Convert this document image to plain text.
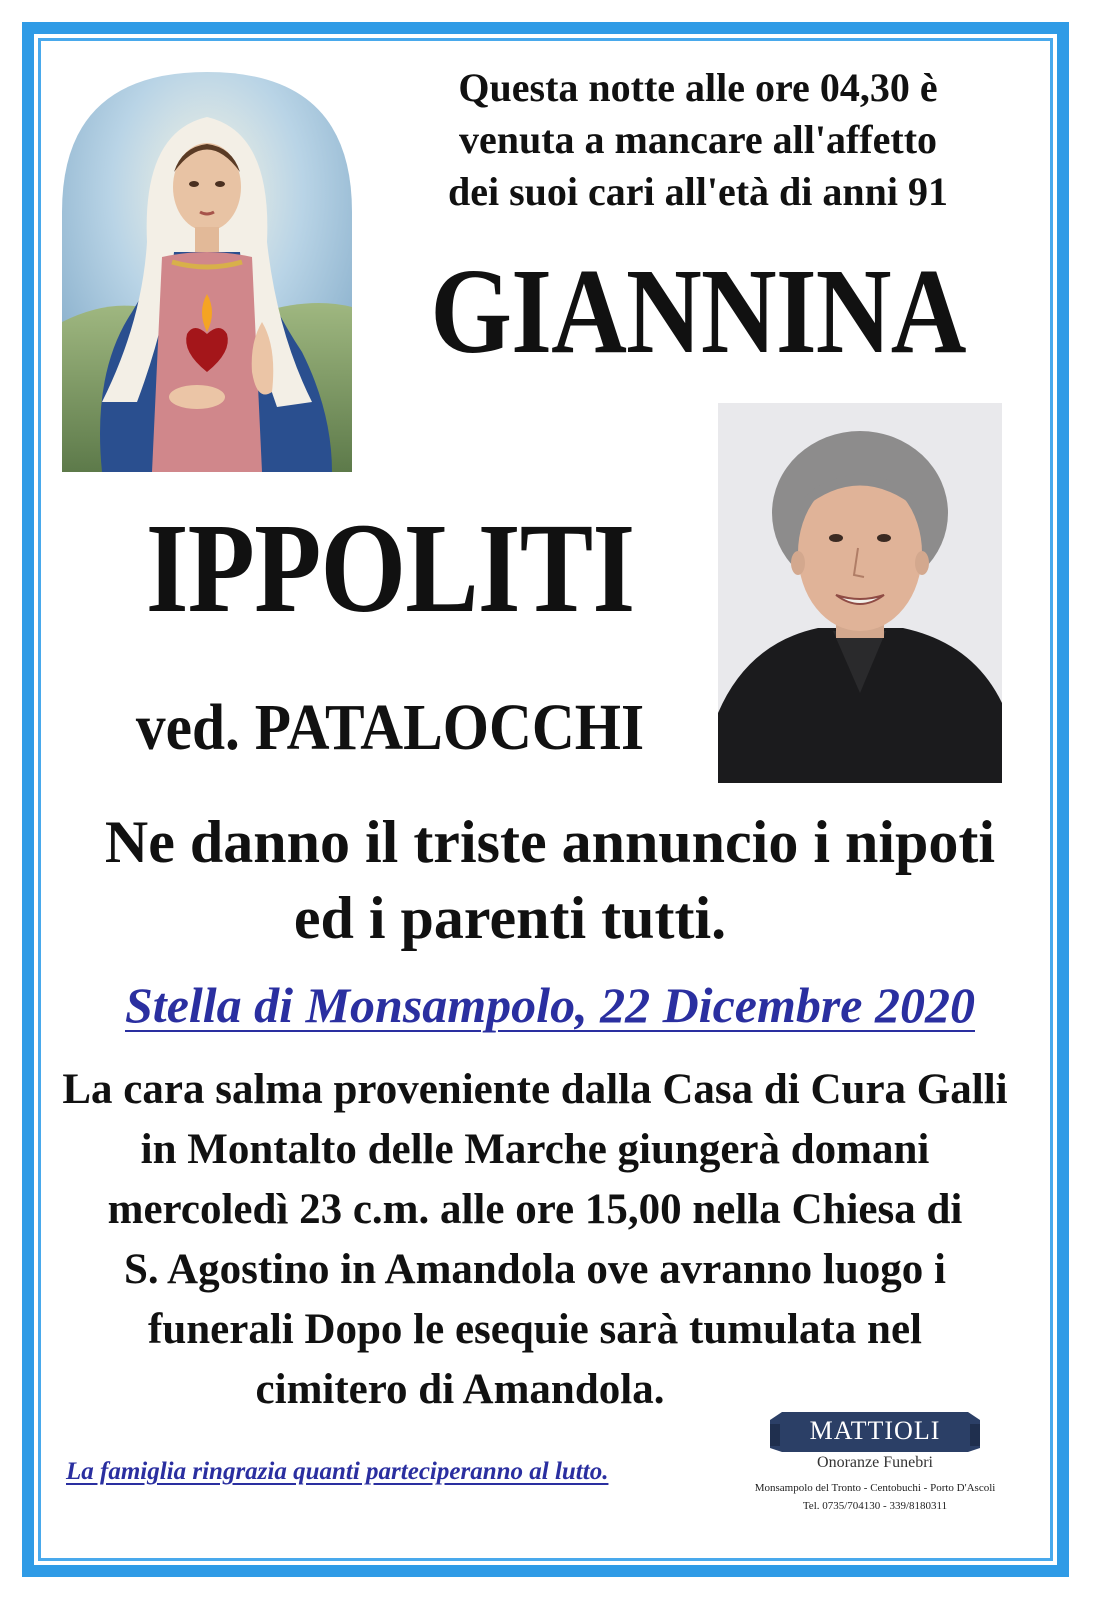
Questa notte alle ore 04,30 è
venuta a mancare all'affetto
dei suoi cari all'età di anni 91
GIANNINA
IPPOLITI
ved. PATALOCCHI
Ne danno il triste annuncio i nipoti
ed i parenti tutti.
Stella di Monsampolo, 22 Dicembre 2020
La cara salma proveniente dalla Casa di Cura Galli
in Montalto delle Marche giungerà domani
mercoledì 23 c.m. alle ore 15,00 nella Chiesa di
S. Agostino in Amandola ove avranno luogo i
funerali Dopo le esequie sarà tumulata nel
cimitero di Amandola.
La famiglia ringrazia quanti parteciperanno al lutto.
MATTIOLI
Onoranze Funebri
Monsampolo del Tronto - Centobuchi - Porto D'Ascoli
Tel. 0735/704130 - 339/8180311
